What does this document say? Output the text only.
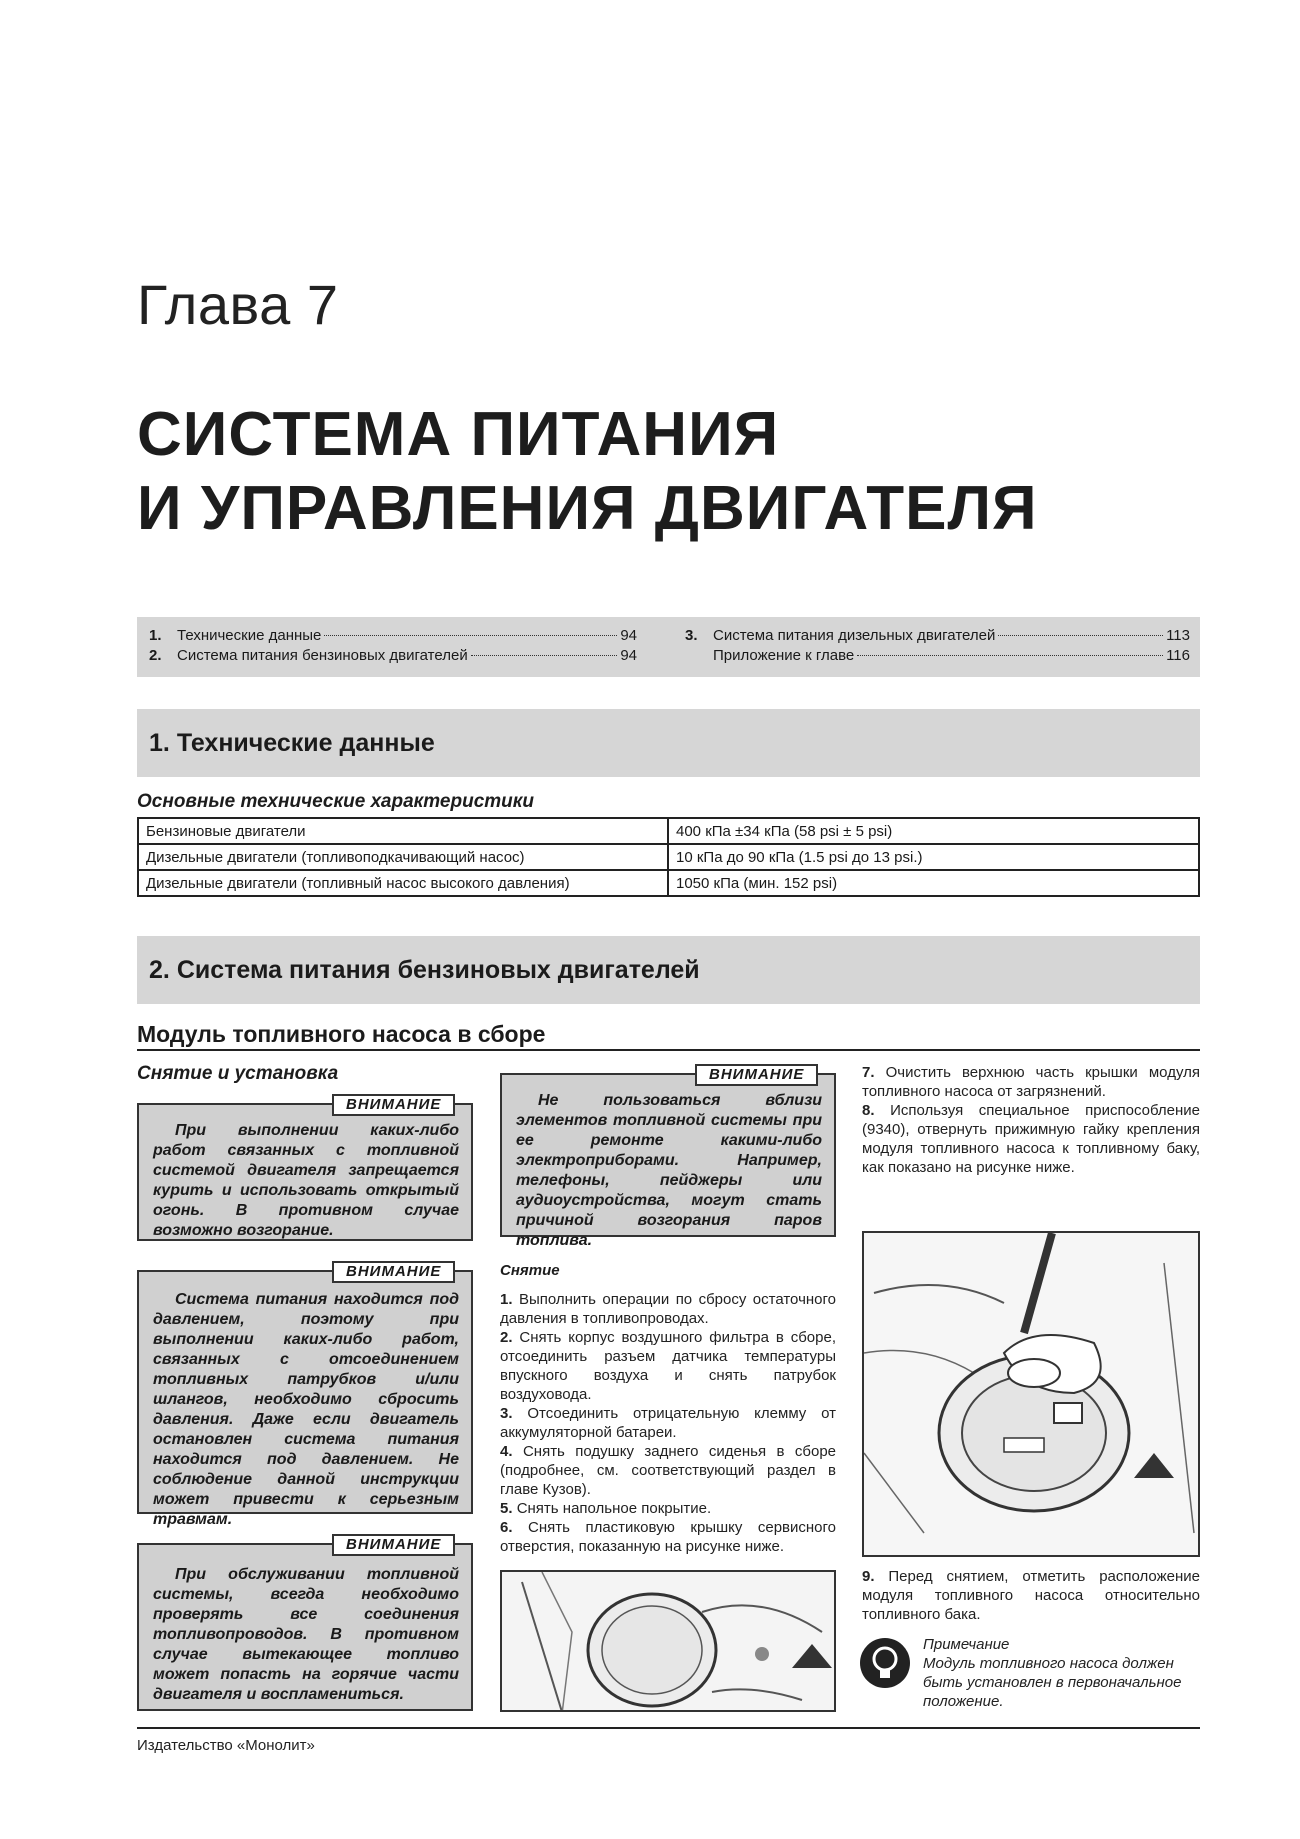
Глава 7
СИСТЕМА ПИТАНИЯ
И УПРАВЛЕНИЯ ДВИГАТЕЛЯ
1.	Технические данные	94
2.	Система питания бензиновых двигателей	94
3.	Система питания дизельных двигателей	113
Приложение к главе	116
1. Технические данные
Основные технические характеристики
Бензиновые двигатели	400 кПа ±34 кПа (58 psi ± 5 psi)
Дизельные двигатели (топливоподкачивающий насос)	10 кПа до 90 кПа (1.5 psi до 13 psi.)
Дизельные двигатели (топливный насос высокого давления)	1050 кПа (мин. 152 psi)
2. Система питания бензиновых двигателей
Модуль топливного насоса в сборе
Снятие и установка
ВНИМАНИЕ
При выполнении каких-либо работ связанных с топливной системой двигателя запрещается курить и использовать открытый огонь. В противном случае возможно возгорание.
ВНИМАНИЕ
Система питания находится под давлением, поэтому при выполнении каких-либо работ, связанных с отсоединением топливных патрубков и/или шлангов, необходимо сбросить давления. Даже если двигатель остановлен система питания находится под давлением. Не соблюдение данной инструкции может привести к серьезным травмам.
ВНИМАНИЕ
При обслуживании топливной системы, всегда необходимо проверять все соединения топливопроводов. В противном случае вытекающее топливо может попасть на горячие части двигателя и воспламениться.
ВНИМАНИЕ
Не пользоваться вблизи элементов топливной системы при ее ремонте какими-либо электроприборами. Например, телефоны, пейджеры или аудиоустройства, могут стать причиной возгорания паров топлива.
Снятие

1. Выполнить операции по сбросу остаточного давления в топливопроводах.

2. Снять корпус воздушного фильтра в сборе, отсоединить разъем датчика температуры впускного воздуха и снять патрубок воздуховода.

3. Отсоединить отрицательную клемму от аккумуляторной батареи.

4. Снять подушку заднего сиденья в сборе (подробнее, см. соответствующий раздел в главе Кузов).

5. Снять напольное покрытие.

6. Снять пластиковую крышку сервисного отверстия, показанную на рисунке ниже.

7. Очистить верхнюю часть крышки модуля топливного насоса от загрязнений.

8. Используя специальное приспособление (9340), отвернуть прижимную гайку крепления модуля топливного насоса к топливному баку, как показано на рисунке ниже.

9. Перед снятием, отметить расположение модуля топливного насоса относительно топливного бака.

Примечание
Модуль топливного насоса должен быть установлен в первоначальное положение.
Издательство «Монолит»
